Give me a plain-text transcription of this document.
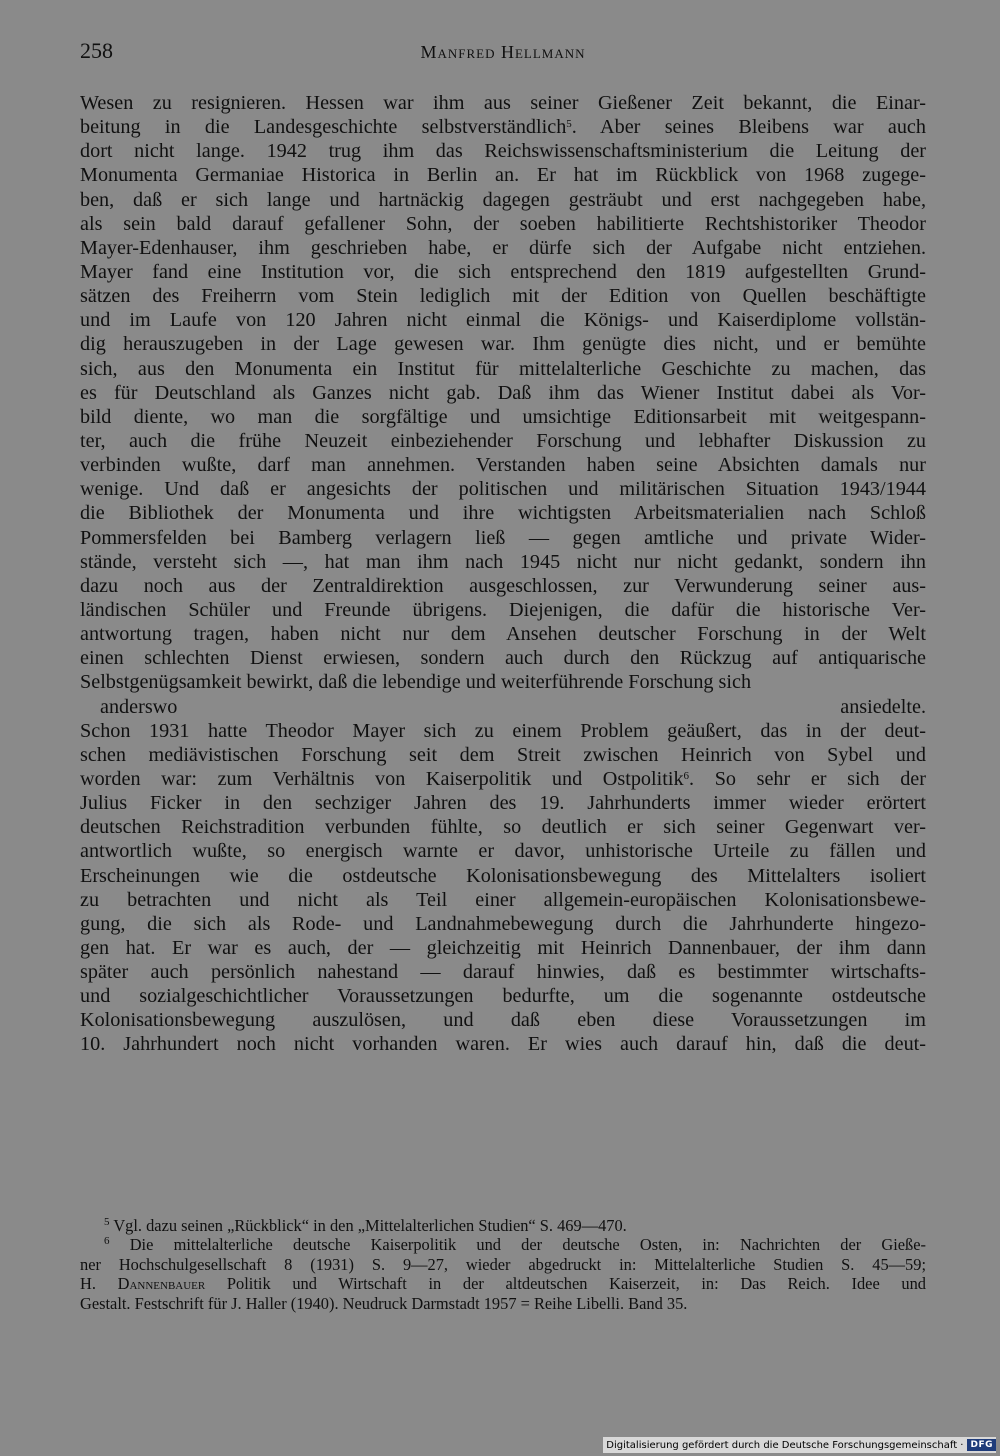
258	Manfred Hellmann
Wesen zu resignieren. Hessen war ihm aus seiner Gießener Zeit bekannt, die Einar-
beitung in die Landesgeschichte selbstverständlich$^5$. Aber seines Bleibens war auch
dort nicht lange. 1942 trug ihm das Reichswissenschaftsministerium die Leitung der
Monumenta Germaniae Historica in Berlin an. Er hat im Rückblick von 1968 zugege-
ben, daß er sich lange und hartnäckig dagegen gesträubt und erst nachgegeben habe,
als sein bald darauf gefallener Sohn, der soeben habilitierte Rechtshistoriker Theodor
Mayer-Edenhauser, ihm geschrieben habe, er dürfe sich der Aufgabe nicht entziehen.
Mayer fand eine Institution vor, die sich entsprechend den 1819 aufgestellten Grund-
sätzen des Freiherrn vom Stein lediglich mit der Edition von Quellen beschäftigte
und im Laufe von 120 Jahren nicht einmal die Königs- und Kaiserdiplome vollstän-
dig herauszugeben in der Lage gewesen war. Ihm genügte dies nicht, und er bemühte
sich, aus den Monumenta ein Institut für mittelalterliche Geschichte zu machen, das
es für Deutschland als Ganzes nicht gab. Daß ihm das Wiener Institut dabei als Vor-
bild diente, wo man die sorgfältige und umsichtige Editionsarbeit mit weitgespann-
ter, auch die frühe Neuzeit einbeziehender Forschung und lebhafter Diskussion zu
verbinden wußte, darf man annehmen. Verstanden haben seine Absichten damals nur
wenige. Und daß er angesichts der politischen und militärischen Situation 1943/1944
die Bibliothek der Monumenta und ihre wichtigsten Arbeitsmaterialien nach Schloß
Pommersfelden bei Bamberg verlagern ließ — gegen amtliche und private Wider-
stände, versteht sich —, hat man ihm nach 1945 nicht nur nicht gedankt, sondern ihn
dazu noch aus der Zentraldirektion ausgeschlossen, zur Verwunderung seiner aus-
ländischen Schüler und Freunde übrigens. Diejenigen, die dafür die historische Ver-
antwortung tragen, haben nicht nur dem Ansehen deutscher Forschung in der Welt
einen schlechten Dienst erwiesen, sondern auch durch den Rückzug auf antiquarische
Selbstgenügsamkeit bewirkt, daß die lebendige und weiterführende Forschung sich
anderswo ansiedelte.
Schon 1931 hatte Theodor Mayer sich zu einem Problem geäußert, das in der deut-
schen mediävistischen Forschung seit dem Streit zwischen Heinrich von Sybel und
worden war: zum Verhältnis von Kaiserpolitik und Ostpolitik$^6$. So sehr er sich der
Julius Ficker in den sechziger Jahren des 19. Jahrhunderts immer wieder erörtert
deutschen Reichstradition verbunden fühlte, so deutlich er sich seiner Gegenwart ver-
antwortlich wußte, so energisch warnte er davor, unhistorische Urteile zu fällen und
Erscheinungen wie die ostdeutsche Kolonisationsbewegung des Mittelalters isoliert
zu betrachten und nicht als Teil einer allgemein-europäischen Kolonisationsbewe-
gung, die sich als Rode- und Landnahmebewegung durch die Jahrhunderte hingezo-
gen hat. Er war es auch, der — gleichzeitig mit Heinrich Dannenbauer, der ihm dann
später auch persönlich nahestand — darauf hinwies, daß es bestimmter wirtschafts-
und sozialgeschichtlicher Voraussetzungen bedurfte, um die sogenannte ostdeutsche
Kolonisationsbewegung auszulösen, und daß eben diese Voraussetzungen im
10. Jahrhundert noch nicht vorhanden waren. Er wies auch darauf hin, daß die deut-
$^5$ Vgl. dazu seinen „Rückblick“ in den „Mittelalterlichen Studien“ S. 469—470.
$^6$ Die mittelalterliche deutsche Kaiserpolitik und der deutsche Osten, in: Nachrichten der Gieße-
ner Hochschulgesellschaft 8 (1931) S. 9—27, wieder abgedruckt in: Mittelalterliche Studien S. 45—59;
H. Dannenbauer Politik und Wirtschaft in der altdeutschen Kaiserzeit, in: Das Reich. Idee und
Gestalt. Festschrift für J. Haller (1940). Neudruck Darmstadt 1957 = Reihe Libelli. Band 35.
Digitalisierung gefördert durch die Deutsche Forschungsgemeinschaft · DFG
